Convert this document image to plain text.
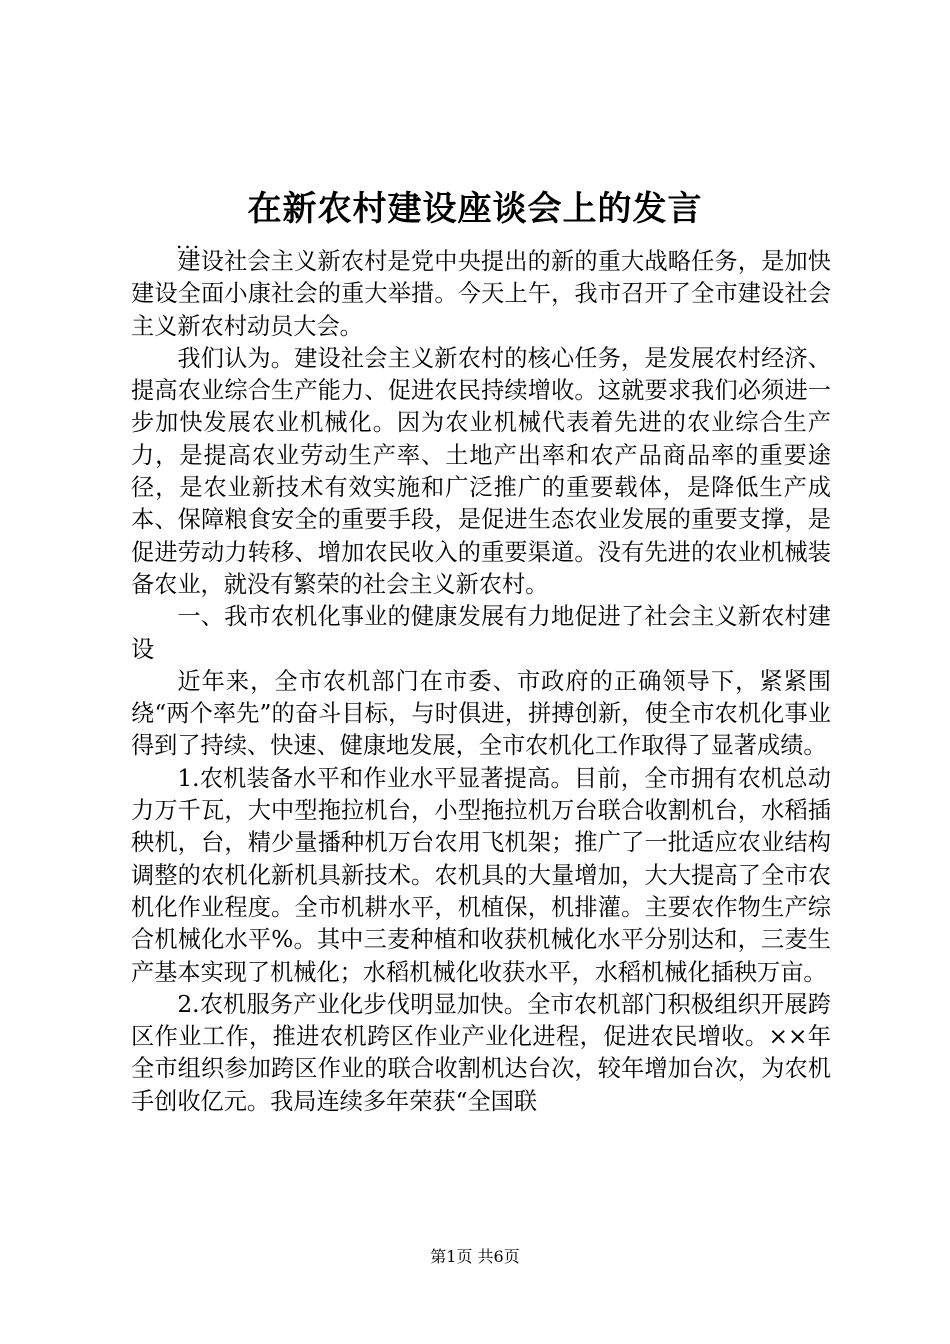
在新农村建设座谈会上的发言
...

建设社会主义新农村是党中央提出的新的重大战略任务，是加快建设全面小康社会的重大举措。今天上午，我市召开了全市建设社会主义新农村动员大会。

我们认为。建设社会主义新农村的核心任务，是发展农村经济、提高农业综合生产能力、促进农民持续增收。这就要求我们必须进一步加快发展农业机械化。因为农业机械代表着先进的农业综合生产力，是提高农业劳动生产率、土地产出率和农产品商品率的重要途径，是农业新技术有效实施和广泛推广的重要载体，是降低生产成本、保障粮食安全的重要手段，是促进生态农业发展的重要支撑，是促进劳动力转移、增加农民收入的重要渠道。没有先进的农业机械装备农业，就没有繁荣的社会主义新农村。

一、我市农机化事业的健康发展有力地促进了社会主义新农村建设

近年来，全市农机部门在市委、市政府的正确领导下，紧紧围绕“两个率先”的奋斗目标，与时俱进，拼搏创新，使全市农机化事业得到了持续、快速、健康地发展，全市农机化工作取得了显著成绩。

1.农机装备水平和作业水平显著提高。目前，全市拥有农机总动力万千瓦，大中型拖拉机台，小型拖拉机万台联合收割机台，水稻插秧机，台，精少量播种机万台农用飞机架；推广了一批适应农业结构调整的农机化新机具新技术。农机具的大量增加，大大提高了全市农机化作业程度。全市机耕水平，机植保，机排灌。主要农作物生产综合机械化水平%。其中三麦种植和收获机械化水平分别达和，三麦生产基本实现了机械化；水稻机械化收获水平，水稻机械化插秧万亩。

2.农机服务产业化步伐明显加快。全市农机部门积极组织开展跨区作业工作，推进农机跨区作业产业化进程，促进农民增收。××年全市组织参加跨区作业的联合收割机达台次，较年增加台次，为农机手创收亿元。我局连续多年荣获“全国联

第1页 共6页
